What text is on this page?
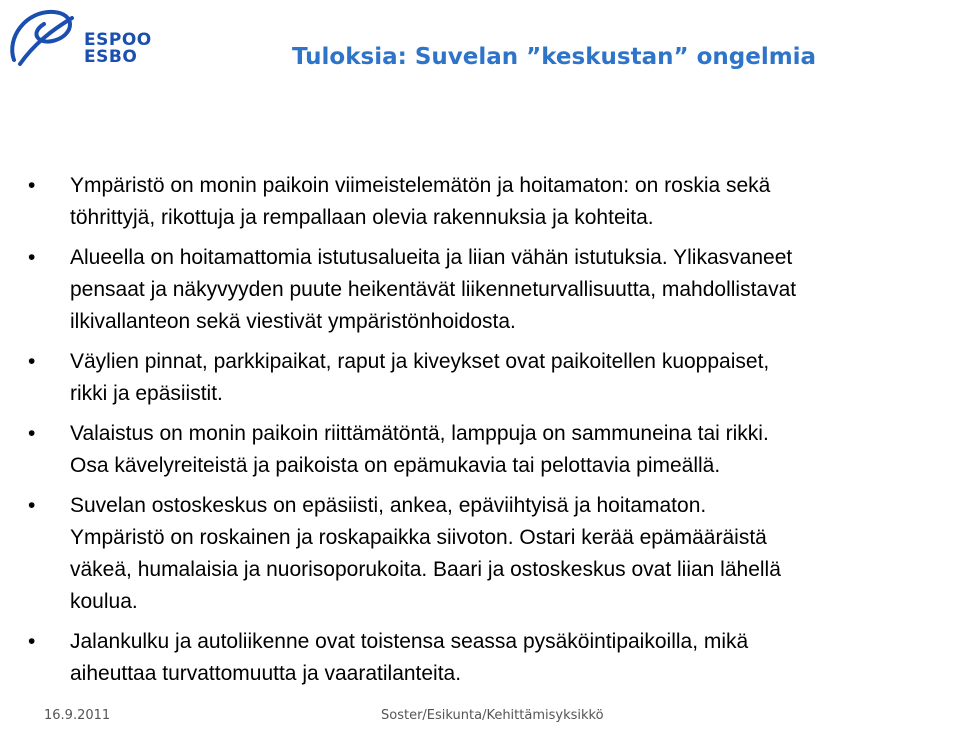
ESPOO
ESBO	Tuloksia: Suvelan ”keskustan” ongelmia
•	Ympäristö on monin paikoin viimeistelemätön ja hoitamaton: on roskia sekä
töhrittyjä, rikottuja ja rempallaan olevia rakennuksia ja kohteita.
•	Alueella on hoitamattomia istutusalueita ja liian vähän istutuksia. Ylikasvaneet
pensaat ja näkyvyyden puute heikentävät liikenneturvallisuutta, mahdollistavat
ilkivallanteon sekä viestivät ympäristönhoidosta.
•	Väylien pinnat, parkkipaikat, raput ja kiveykset ovat paikoitellen kuoppaiset,
rikki ja epäsiistit.
•	Valaistus on monin paikoin riittämätöntä, lamppuja on sammuneina tai rikki.
Osa kävelyreiteistä ja paikoista on epämukavia tai pelottavia pimeällä.
•	Suvelan ostoskeskus on epäsiisti, ankea, epäviihtyisä ja hoitamaton.
Ympäristö on roskainen ja roskapaikka siivoton. Ostari kerää epämääräistä
väkeä, humalaisia ja nuorisoporukoita. Baari ja ostoskeskus ovat liian lähellä
koulua.
•	Jalankulku ja autoliikenne ovat toistensa seassa pysäköintipaikoilla, mikä
aiheuttaa turvattomuutta ja vaaratilanteita.
16.9.2011	Soster/Esikunta/Kehittämisyksikkö
